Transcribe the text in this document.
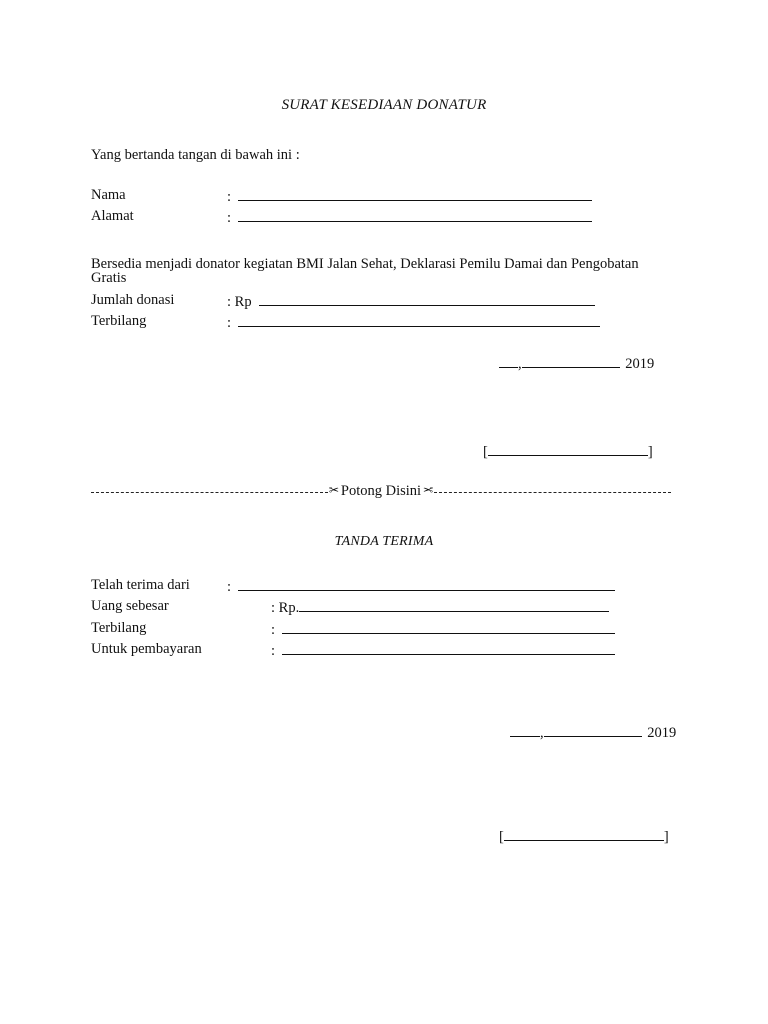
SURAT KESEDIAAN DONATUR
Yang bertanda tangan di bawah ini :
Nama	:
Alamat	:
Bersedia menjadi donator kegiatan BMI Jalan Sehat, Deklarasi Pemilu Damai dan Pengobatan
Gratis
Jumlah donasi	: Rp
Terbilang	:
,	2019
[	]
✂ Potong Disini ✂
TANDA TERIMA
Telah terima dari	:
Uang sebesar	: Rp.
Terbilang	:
Untuk pembayaran	:
,	2019
[	]
